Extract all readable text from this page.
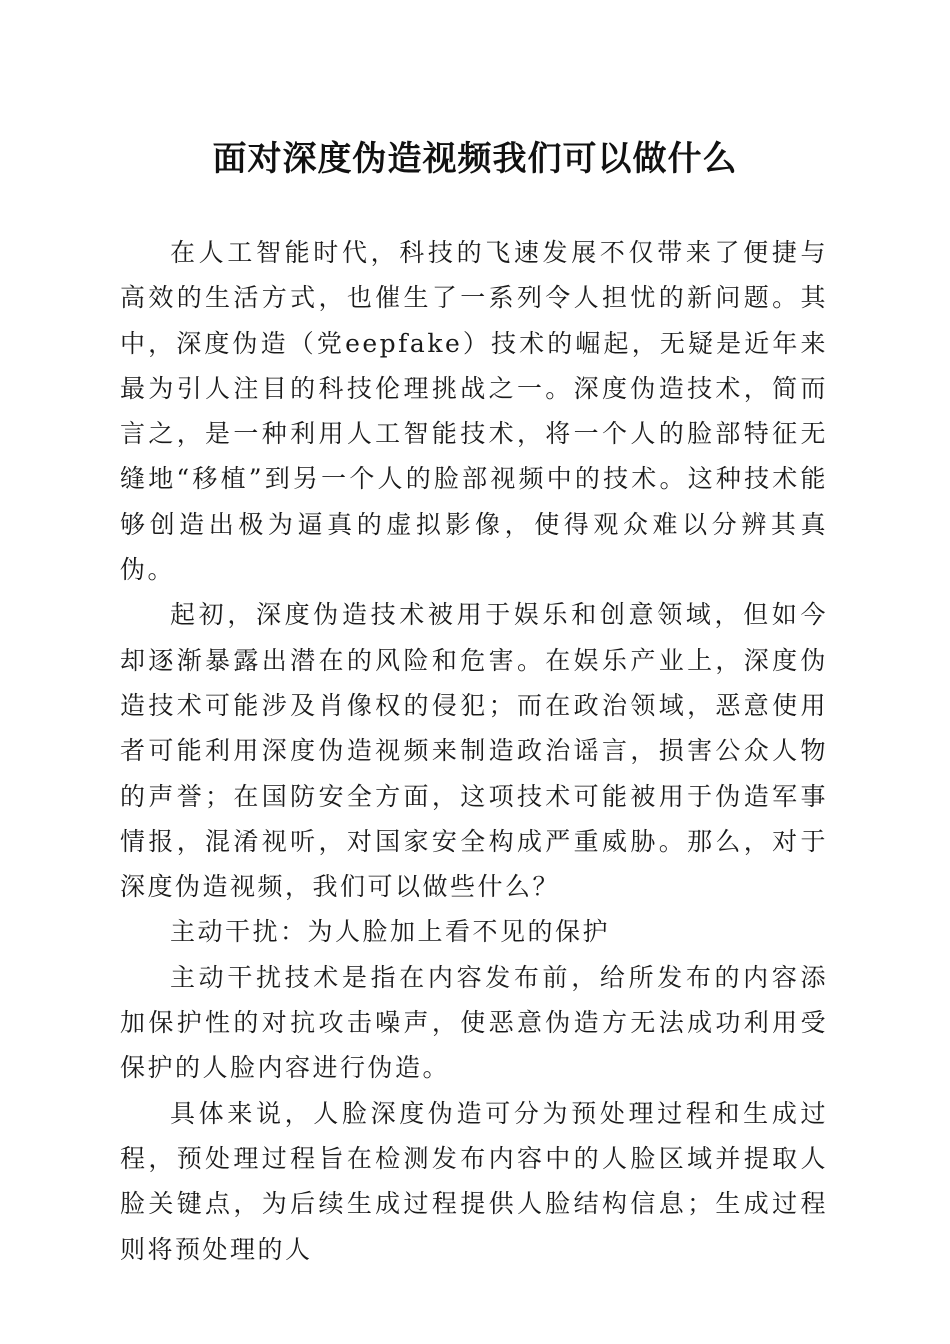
面对深度伪造视频我们可以做什么

在人工智能时代，科技的飞速发展不仅带来了便捷与高效的生活方式，也催生了一系列令人担忧的新问题。其中，深度伪造（党eepfake）技术的崛起，无疑是近年来最为引人注目的科技伦理挑战之一。深度伪造技术，简而言之，是一种利用人工智能技术，将一个人的脸部特征无缝地“移植”到另一个人的脸部视频中的技术。这种技术能够创造出极为逼真的虚拟影像，使得观众难以分辨其真伪。

起初，深度伪造技术被用于娱乐和创意领域，但如今却逐渐暴露出潜在的风险和危害。在娱乐产业上，深度伪造技术可能涉及肖像权的侵犯；而在政治领域，恶意使用者可能利用深度伪造视频来制造政治谣言，损害公众人物的声誉；在国防安全方面，这项技术可能被用于伪造军事情报，混淆视听，对国家安全构成严重威胁。那么，对于深度伪造视频，我们可以做些什么？

主动干扰：为人脸加上看不见的保护

主动干扰技术是指在内容发布前，给所发布的内容添加保护性的对抗攻击噪声，使恶意伪造方无法成功利用受保护的人脸内容进行伪造。

具体来说，人脸深度伪造可分为预处理过程和生成过程，预处理过程旨在检测发布内容中的人脸区域并提取人脸关键点，为后续生成过程提供人脸结构信息；生成过程则将预处理的人
